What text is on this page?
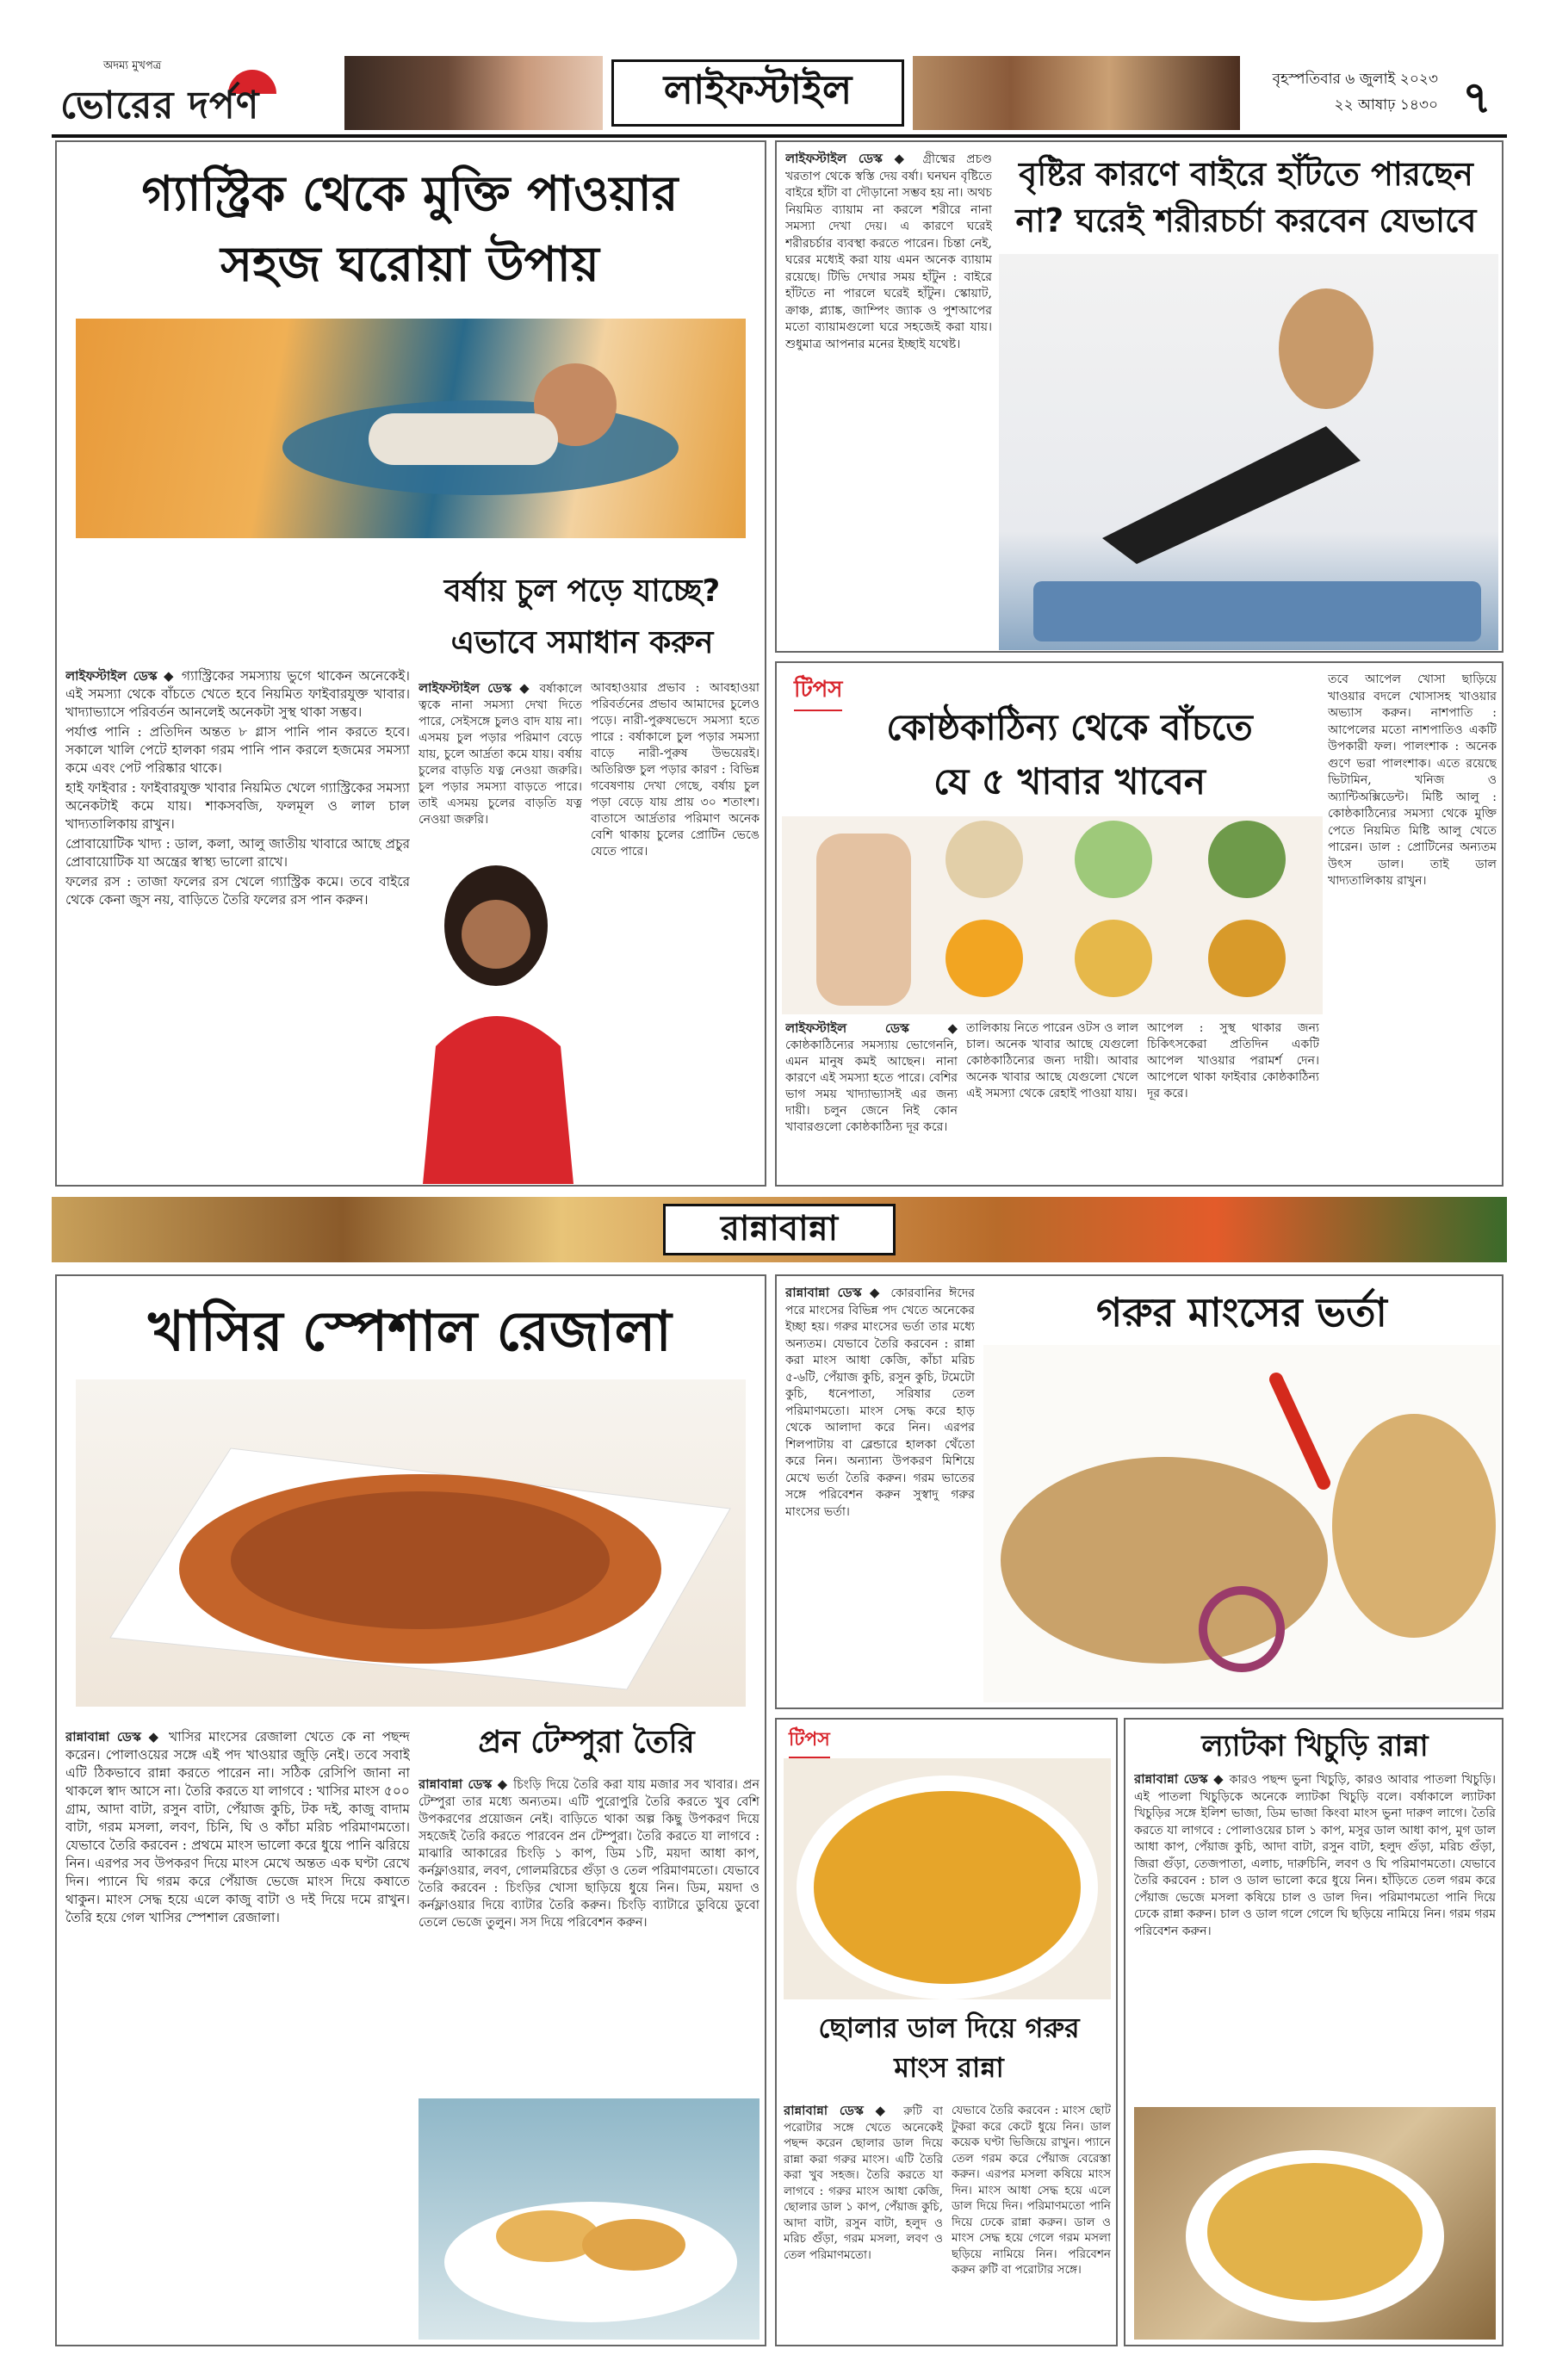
অদম্য মুখপত্র
ভোরের দর্পণ	লাইফস্টাইল	বৃহস্পতিবার ৬ জুলাই ২০২৩
২২ আষাঢ় ১৪৩০ ৭
গ্যাস্ট্রিক থেকে মুক্তি পাওয়ার সহজ ঘরোয়া উপায়

লাইফস্টাইল ডেস্ক ◆ গ্যাস্ট্রিকের সমস্যায় ভুগে থাকেন অনেকেই। এই সমস্যা থেকে বাঁচতে খেতে হবে নিয়মিত ফাইবারযুক্ত খাবার। খাদ্যাভ্যাসে পরিবর্তন আনলেই অনেকটা সুস্থ থাকা সম্ভব।

পর্যাপ্ত পানি : প্রতিদিন অন্তত ৮ গ্লাস পানি পান করতে হবে। সকালে খালি পেটে হালকা গরম পানি পান করলে হজমের সমস্যা কমে এবং পেট পরিষ্কার থাকে।

হাই ফাইবার : ফাইবারযুক্ত খাবার নিয়মিত খেলে গ্যাস্ট্রিকের সমস্যা অনেকটাই কমে যায়। শাকসবজি, ফলমূল ও লাল চাল খাদ্যতালিকায় রাখুন।

প্রোবায়োটিক খাদ্য : ডাল, কলা, আলু জাতীয় খাবারে আছে প্রচুর প্রোবায়োটিক যা অন্ত্রের স্বাস্থ্য ভালো রাখে।

ফলের রস : তাজা ফলের রস খেলে গ্যাস্ট্রিক কমে। তবে বাইরে থেকে কেনা জুস নয়, বাড়িতে তৈরি ফলের রস পান করুন।

বর্ষায় চুল পড়ে যাচ্ছে?
এভাবে সমাধান করুন
লাইফস্টাইল ডেস্ক ◆ বর্ষাকালে ত্বকে নানা সমস্যা দেখা দিতে পারে, সেইসঙ্গে চুলও বাদ যায় না। এসময় চুল পড়ার পরিমাণ বেড়ে যায়, চুলে আর্দ্রতা কমে যায়। বর্ষায় চুলের বাড়তি যত্ন নেওয়া জরুরি। চুল পড়ার সমস্যা বাড়তে পারে। তাই এসময় চুলের বাড়তি যত্ন নেওয়া জরুরি।
আবহাওয়ার প্রভাব : আবহাওয়া পরিবর্তনের প্রভাব আমাদের চুলেও পড়ে। নারী-পুরুষভেদে সমস্যা হতে পারে : বর্ষাকালে চুল পড়ার সমস্যা বাড়ে নারী-পুরুষ উভয়েরই। অতিরিক্ত চুল পড়ার কারণ : বিভিন্ন গবেষণায় দেখা গেছে, বর্ষায় চুল পড়া বেড়ে যায় প্রায় ৩০ শতাংশ। বাতাসে আর্দ্রতার পরিমাণ অনেক বেশি থাকায় চুলের প্রোটিন ভেঙে যেতে পারে।
বৃষ্টির কারণে বাইরে হাঁটতে পারছেন না? ঘরেই শরীরচর্চা করবেন যেভাবে
লাইফস্টাইল ডেস্ক ◆ গ্রীষ্মের প্রচণ্ড খরতাপ থেকে স্বস্তি দেয় বর্ষা। ঘনঘন বৃষ্টিতে বাইরে হাঁটা বা দৌড়ানো সম্ভব হয় না। অথচ নিয়মিত ব্যায়াম না করলে শরীরে নানা সমস্যা দেখা দেয়। এ কারণে ঘরেই শরীরচর্চার ব্যবস্থা করতে পারেন। চিন্তা নেই, ঘরের মধ্যেই করা যায় এমন অনেক ব্যায়াম রয়েছে। টিভি দেখার সময় হাঁটুন : বাইরে হাঁটতে না পারলে ঘরেই হাঁটুন। স্কোয়াট, ক্রাঞ্চ, প্ল্যাঙ্ক, জাম্পিং জ্যাক ও পুশআপের মতো ব্যায়ামগুলো ঘরে সহজেই করা যায়। শুধুমাত্র আপনার মনের ইচ্ছাই যথেষ্ট।
টিপস
কোষ্ঠকাঠিন্য থেকে বাঁচতে
যে ৫ খাবার খাবেন
লাইফস্টাইল ডেস্ক ◆ কোষ্ঠকাঠিন্যের সমস্যায় ভোগেননি, এমন মানুষ কমই আছেন। নানা কারণে এই সমস্যা হতে পারে। বেশির ভাগ সময় খাদ্যাভ্যাসই এর জন্য দায়ী। চলুন জেনে নিই কোন খাবারগুলো কোষ্ঠকাঠিন্য দূর করে।
তালিকায় নিতে পারেন ওটস ও লাল চাল। অনেক খাবার আছে যেগুলো কোষ্ঠকাঠিন্যের জন্য দায়ী। আবার অনেক খাবার আছে যেগুলো খেলে এই সমস্যা থেকে রেহাই পাওয়া যায়।
আপেল : সুস্থ থাকার জন্য চিকিৎসকেরা প্রতিদিন একটি আপেল খাওয়ার পরামর্শ দেন। আপেলে থাকা ফাইবার কোষ্ঠকাঠিন্য দূর করে।
তবে আপেল খোসা ছাড়িয়ে খাওয়ার বদলে খোসাসহ খাওয়ার অভ্যাস করুন। নাশপাতি : আপেলের মতো নাশপাতিও একটি উপকারী ফল। পালংশাক : অনেক গুণে ভরা পালংশাক। এতে রয়েছে ভিটামিন, খনিজ ও অ্যান্টিঅক্সিডেন্ট। মিষ্টি আলু : কোষ্ঠকাঠিন্যের সমস্যা থেকে মুক্তি পেতে নিয়মিত মিষ্টি আলু খেতে পারেন। ডাল : প্রোটিনের অন্যতম উৎস ডাল। তাই ডাল খাদ্যতালিকায় রাখুন।
রান্নাবান্না
খাসির স্পেশাল রেজালা
রান্নাবান্না ডেস্ক ◆ খাসির মাংসের রেজালা খেতে কে না পছন্দ করেন। পোলাওয়ের সঙ্গে এই পদ খাওয়ার জুড়ি নেই। তবে সবাই এটি ঠিকভাবে রান্না করতে পারেন না। সঠিক রেসিপি জানা না থাকলে স্বাদ আসে না। তৈরি করতে যা লাগবে : খাসির মাংস ৫০০ গ্রাম, আদা বাটা, রসুন বাটা, পেঁয়াজ কুচি, টক দই, কাজু বাদাম বাটা, গরম মসলা, লবণ, চিনি, ঘি ও কাঁচা মরিচ পরিমাণমতো। যেভাবে তৈরি করবেন : প্রথমে মাংস ভালো করে ধুয়ে পানি ঝরিয়ে নিন। এরপর সব উপকরণ দিয়ে মাংস মেখে অন্তত এক ঘণ্টা রেখে দিন। প্যানে ঘি গরম করে পেঁয়াজ ভেজে মাংস দিয়ে কষাতে থাকুন। মাংস সেদ্ধ হয়ে এলে কাজু বাটা ও দই দিয়ে দমে রাখুন। তৈরি হয়ে গেল খাসির স্পেশাল রেজালা।
প্রন টেম্পুরা তৈরি
রান্নাবান্না ডেস্ক ◆ চিংড়ি দিয়ে তৈরি করা যায় মজার সব খাবার। প্রন টেম্পুরা তার মধ্যে অন্যতম। এটি পুরোপুরি তৈরি করতে খুব বেশি উপকরণের প্রয়োজন নেই। বাড়িতে থাকা অল্প কিছু উপকরণ দিয়ে সহজেই তৈরি করতে পারবেন প্রন টেম্পুরা। তৈরি করতে যা লাগবে : মাঝারি আকারের চিংড়ি ১ কাপ, ডিম ১টি, ময়দা আধা কাপ, কর্নফ্লাওয়ার, লবণ, গোলমরিচের গুঁড়া ও তেল পরিমাণমতো। যেভাবে তৈরি করবেন : চিংড়ির খোসা ছাড়িয়ে ধুয়ে নিন। ডিম, ময়দা ও কর্নফ্লাওয়ার দিয়ে ব্যাটার তৈরি করুন। চিংড়ি ব্যাটারে ডুবিয়ে ডুবো তেলে ভেজে তুলুন। সস দিয়ে পরিবেশন করুন।
রান্নাবান্না ডেস্ক ◆ কোরবানির ঈদের পরে মাংসের বিভিন্ন পদ খেতে অনেকের ইচ্ছা হয়। গরুর মাংসের ভর্তা তার মধ্যে অন্যতম। যেভাবে তৈরি করবেন : রান্না করা মাংস আধা কেজি, কাঁচা মরিচ ৫-৬টি, পেঁয়াজ কুচি, রসুন কুচি, টমেটো কুচি, ধনেপাতা, সরিষার তেল পরিমাণমতো। মাংস সেদ্ধ করে হাড় থেকে আলাদা করে নিন। এরপর শিলপাটায় বা ব্লেন্ডারে হালকা থেঁতো করে নিন। অন্যান্য উপকরণ মিশিয়ে মেখে ভর্তা তৈরি করুন। গরম ভাতের সঙ্গে পরিবেশন করুন সুস্বাদু গরুর মাংসের ভর্তা।
গরুর মাংসের ভর্তা
ল্যাটকা খিচুড়ি রান্না
রান্নাবান্না ডেস্ক ◆ কারও পছন্দ ভুনা খিচুড়ি, কারও আবার পাতলা খিচুড়ি। এই পাতলা খিচুড়িকে অনেকে ল্যাটকা খিচুড়ি বলে। বর্ষাকালে ল্যাটকা খিচুড়ির সঙ্গে ইলিশ ভাজা, ডিম ভাজা কিংবা মাংস ভুনা দারুণ লাগে। তৈরি করতে যা লাগবে : পোলাওয়ের চাল ১ কাপ, মসুর ডাল আধা কাপ, মুগ ডাল আধা কাপ, পেঁয়াজ কুচি, আদা বাটা, রসুন বাটা, হলুদ গুঁড়া, মরিচ গুঁড়া, জিরা গুঁড়া, তেজপাতা, এলাচ, দারুচিনি, লবণ ও ঘি পরিমাণমতো। যেভাবে তৈরি করবেন : চাল ও ডাল ভালো করে ধুয়ে নিন। হাঁড়িতে তেল গরম করে পেঁয়াজ ভেজে মসলা কষিয়ে চাল ও ডাল দিন। পরিমাণমতো পানি দিয়ে ঢেকে রান্না করুন। চাল ও ডাল গলে গেলে ঘি ছড়িয়ে নামিয়ে নিন। গরম গরম পরিবেশন করুন।
টিপস
ছোলার ডাল দিয়ে গরুর মাংস রান্না
রান্নাবান্না ডেস্ক ◆ রুটি বা পরোটার সঙ্গে খেতে অনেকেই পছন্দ করেন ছোলার ডাল দিয়ে রান্না করা গরুর মাংস। এটি তৈরি করা খুব সহজ। তৈরি করতে যা লাগবে : গরুর মাংস আধা কেজি, ছোলার ডাল ১ কাপ, পেঁয়াজ কুচি, আদা বাটা, রসুন বাটা, হলুদ ও মরিচ গুঁড়া, গরম মসলা, লবণ ও তেল পরিমাণমতো।
যেভাবে তৈরি করবেন : মাংস ছোট টুকরা করে কেটে ধুয়ে নিন। ডাল কয়েক ঘণ্টা ভিজিয়ে রাখুন। প্যানে তেল গরম করে পেঁয়াজ বেরেস্তা করুন। এরপর মসলা কষিয়ে মাংস দিন। মাংস আধা সেদ্ধ হয়ে এলে ডাল দিয়ে দিন। পরিমাণমতো পানি দিয়ে ঢেকে রান্না করুন। ডাল ও মাংস সেদ্ধ হয়ে গেলে গরম মসলা ছড়িয়ে নামিয়ে নিন। পরিবেশন করুন রুটি বা পরোটার সঙ্গে।
